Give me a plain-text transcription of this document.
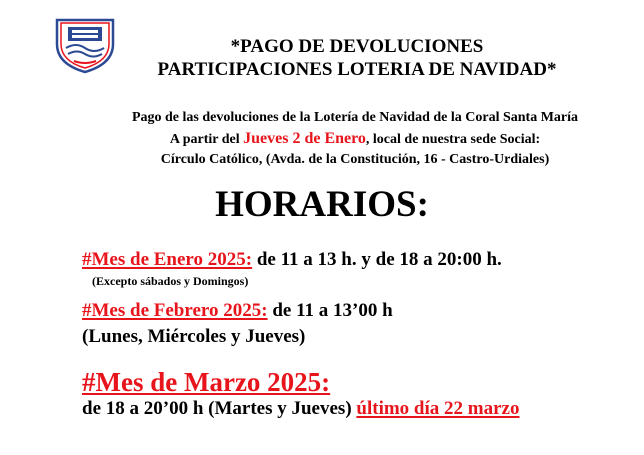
*PAGO DE DEVOLUCIONES
PARTICIPACIONES LOTERIA DE NAVIDAD*
Pago de las devoluciones de la Lotería de Navidad de la Coral Santa María
A partir del Jueves 2 de Enero, local de nuestra sede Social:
Círculo Católico, (Avda. de la Constitución, 16 - Castro-Urdiales)
HORARIOS:
#Mes de Enero 2025: de 11 a 13 h. y de 18 a 20:00 h.
(Excepto sábados y Domingos)
#Mes de Febrero 2025: de 11 a 13’00 h
(Lunes, Miércoles y Jueves)
#Mes de Marzo 2025:
de 18 a 20’00 h (Martes y Jueves) último día 22 marzo
